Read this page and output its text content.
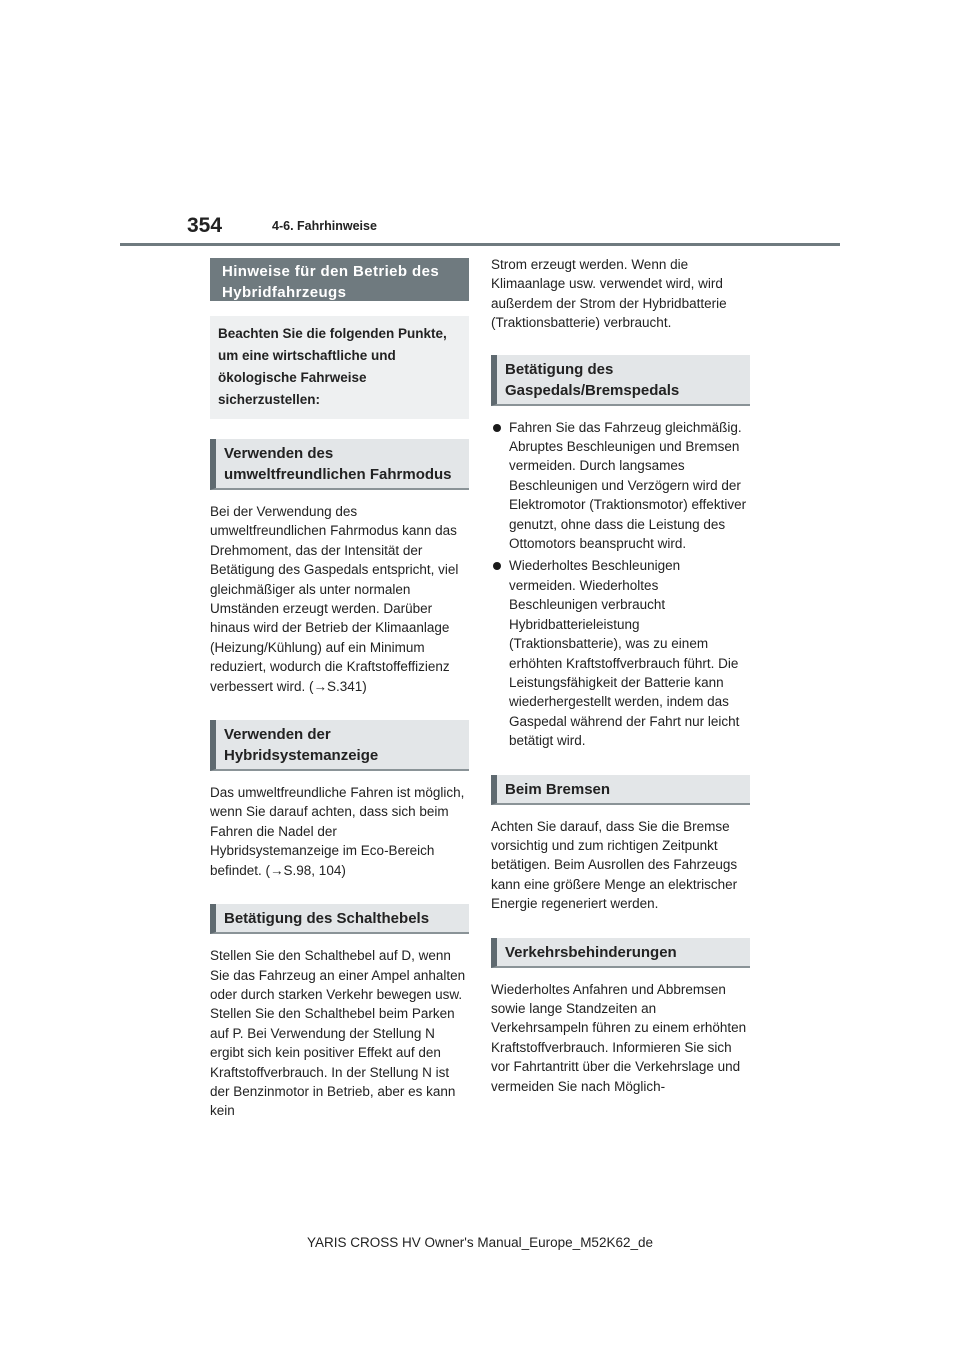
354	4-6. Fahrhinweise
Hinweise für den Betrieb des Hybridfahrzeugs
Beachten Sie die folgenden Punkte, um eine wirtschaftliche und ökologische Fahrweise sicherzustellen:
Verwenden des umweltfreundlichen Fahrmodus

Bei der Verwendung des umweltfreundlichen Fahrmodus kann das Drehmoment, das der Intensität der Betätigung des Gaspedals entspricht, viel gleichmäßiger als unter normalen Umständen erzeugt werden. Darüber hinaus wird der Betrieb der Klimaanlage (Heizung/Kühlung) auf ein Minimum reduziert, wodurch die Kraftstoffeffizienz verbessert wird. (→S.341)

Verwenden der Hybridsystemanzeige

Das umweltfreundliche Fahren ist möglich, wenn Sie darauf achten, dass sich beim Fahren die Nadel der Hybridsystemanzeige im Eco-Bereich befindet. (→S.98, 104)

Betätigung des Schalthebels

Stellen Sie den Schalthebel auf D, wenn Sie das Fahrzeug an einer Ampel anhalten oder durch starken Verkehr bewegen usw. Stellen Sie den Schalthebel beim Parken auf P. Bei Verwendung der Stellung N ergibt sich kein positiver Effekt auf den Kraftstoffverbrauch. In der Stellung N ist der Benzinmotor in Betrieb, aber es kann kein

Strom erzeugt werden. Wenn die Klimaanlage usw. verwendet wird, wird außerdem der Strom der Hybridbatterie (Traktionsbatterie) verbraucht.

Betätigung des Gaspedals/Bremspedals
Fahren Sie das Fahrzeug gleichmäßig. Abruptes Beschleunigen und Bremsen vermeiden. Durch langsames Beschleunigen und Verzögern wird der Elektromotor (Traktionsmotor) effektiver genutzt, ohne dass die Leistung des Ottomotors beansprucht wird.
Wiederholtes Beschleunigen vermeiden. Wiederholtes Beschleunigen verbraucht Hybridbatterieleistung (Traktionsbatterie), was zu einem erhöhten Kraftstoffverbrauch führt. Die Leistungsfähigkeit der Batterie kann wiederhergestellt werden, indem das Gaspedal während der Fahrt nur leicht betätigt wird.
Beim Bremsen

Achten Sie darauf, dass Sie die Bremse vorsichtig und zum richtigen Zeitpunkt betätigen. Beim Ausrollen des Fahrzeugs kann eine größere Menge an elektrischer Energie regeneriert werden.

Verkehrsbehinderungen

Wiederholtes Anfahren und Abbremsen sowie lange Standzeiten an Verkehrsampeln führen zu einem erhöhten Kraftstoffverbrauch. Informieren Sie sich vor Fahrtantritt über die Verkehrslage und vermeiden Sie nach Möglich-

YARIS CROSS HV Owner's Manual_Europe_M52K62_de
